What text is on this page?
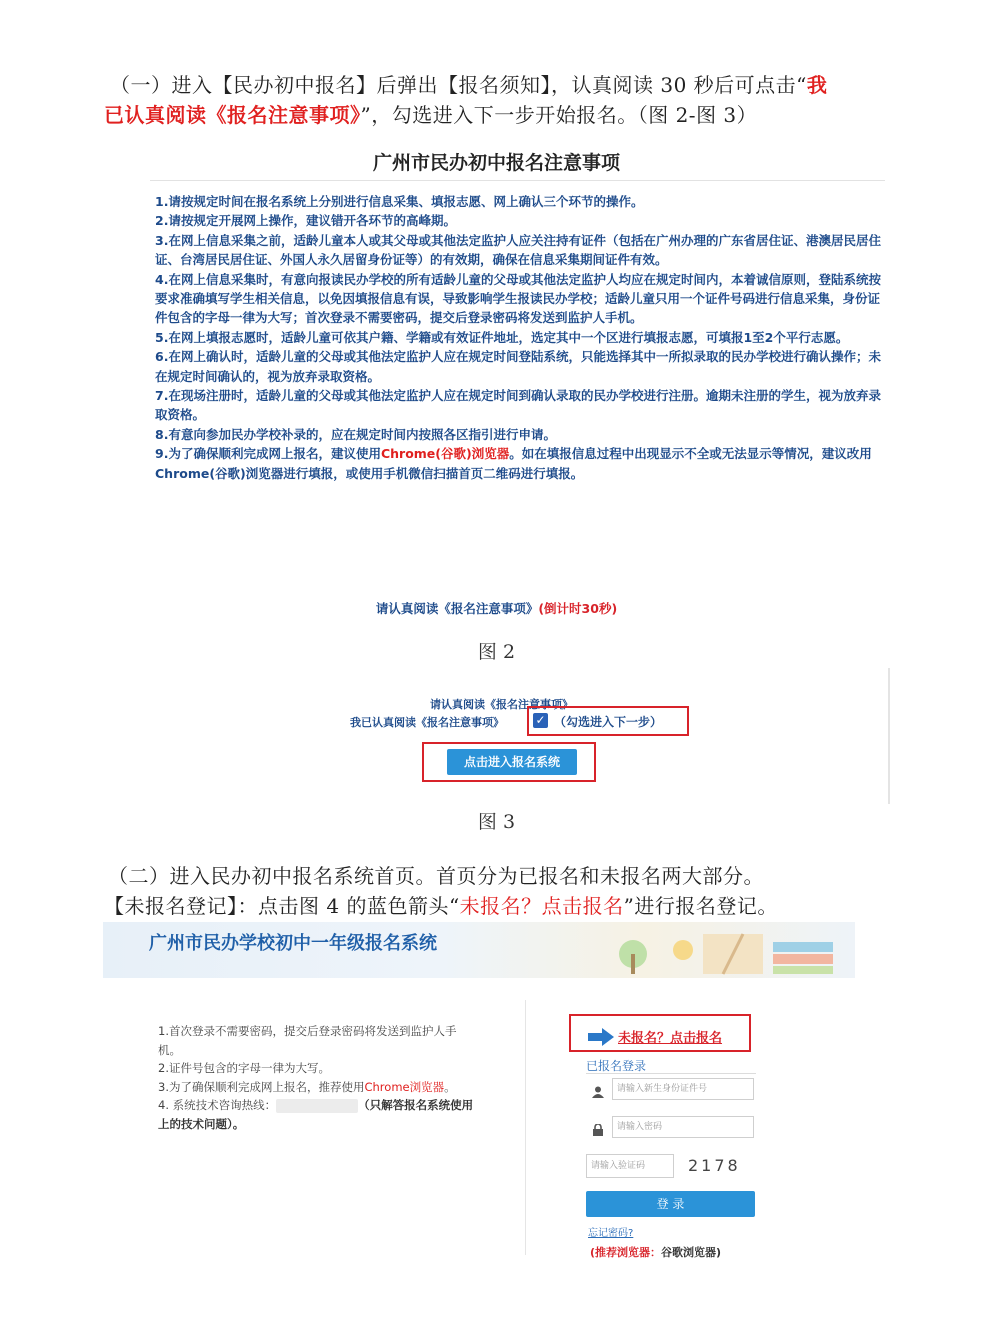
（一）进入【民办初中报名】后弹出【报名须知】，认真阅读 30 秒后可点击“我
已认真阅读《报名注意事项》”，勾选进入下一步开始报名。（图 2-图 3）
广州市民办初中报名注意事项

1.请按规定时间在报名系统上分别进行信息采集、填报志愿、网上确认三个环节的操作。

2.请按规定开展网上操作，建议错开各环节的高峰期。

3.在网上信息采集之前，适龄儿童本人或其父母或其他法定监护人应关注持有证件（包括在广州办理的广东省居住证、港澳居民居住证、台湾居民居住证、外国人永久居留身份证等）的有效期，确保在信息采集期间证件有效。

4.在网上信息采集时，有意向报读民办学校的所有适龄儿童的父母或其他法定监护人均应在规定时间内，本着诚信原则，登陆系统按要求准确填写学生相关信息，以免因填报信息有误，导致影响学生报读民办学校；适龄儿童只用一个证件号码进行信息采集，身份证件包含的字母一律为大写；首次登录不需要密码，提交后登录密码将发送到监护人手机。

5.在网上填报志愿时，适龄儿童可依其户籍、学籍或有效证件地址，选定其中一个区进行填报志愿，可填报1至2个平行志愿。

6.在网上确认时，适龄儿童的父母或其他法定监护人应在规定时间登陆系统，只能选择其中一所拟录取的民办学校进行确认操作；未在规定时间确认的，视为放弃录取资格。

7.在现场注册时，适龄儿童的父母或其他法定监护人应在规定时间到确认录取的民办学校进行注册。逾期未注册的学生，视为放弃录取资格。

8.有意向参加民办学校补录的，应在规定时间内按照各区指引进行申请。

9.为了确保顺利完成网上报名，建议使用Chrome(谷歌)浏览器。如在填报信息过程中出现显示不全或无法显示等情况，建议改用Chrome(谷歌)浏览器进行填报，或使用手机微信扫描首页二维码进行填报。

请认真阅读《报名注意事项》(倒计时30秒)
图 2
请认真阅读《报名注意事项》
我已认真阅读《报名注意事项》	✓ （勾选进入下一步）
点击进入报名系统
图 3
（二）进入民办初中报名系统首页。首页分为已报名和未报名两大部分。
【未报名登记】：点击图 4 的蓝色箭头“未报名？点击报名”进行报名登记。
广州市民办学校初中一年级报名系统
1.首次登录不需要密码，提交后登录密码将发送到监护人手机。
2.证件号包含的字母一律为大写。
3.为了确保顺利完成网上报名，推荐使用Chrome浏览器。
4. 系统技术咨询热线：	（只解答报名系统使用上的技术问题）。
未报名？点击报名
已报名登录
请输入新生身份证件号
请输入密码
请输入验证码	2178
登 录
忘记密码?
(推荐浏览器：谷歌浏览器)
